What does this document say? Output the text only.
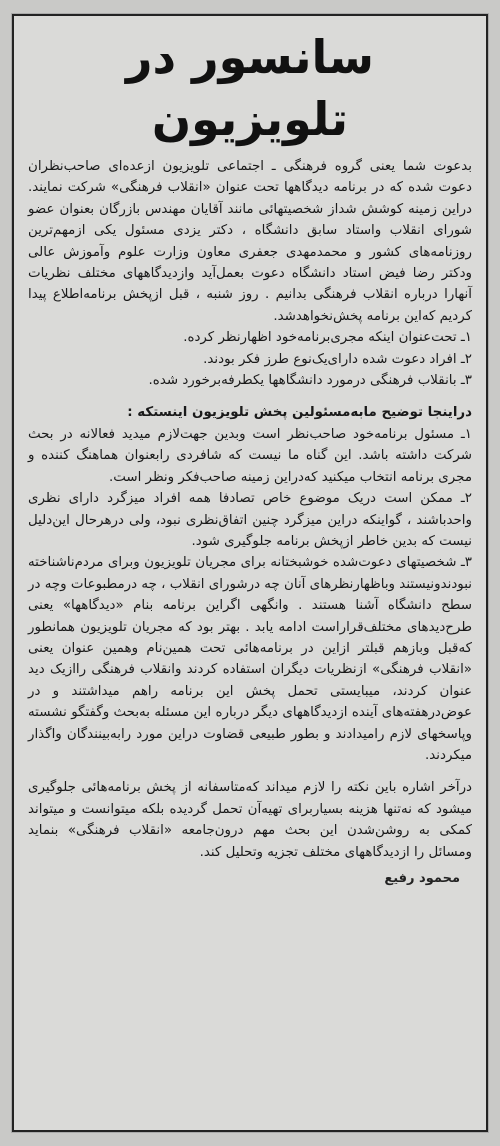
سانسور در تلویزیون

بدعوت شما یعنی گروه فرهنگی ـ اجتماعی تلویزیون ازعده‌ای صاحب‌نظران دعوت شده که در برنامه دیدگاهها تحت عنوان «انقلاب فرهنگی» شرکت نمایند. دراین زمینه کوشش شداز شخصیتهائی مانند آقایان مهندس بازرگان بعنوان عضو شورای انقلاب واستاد سابق دانشگاه ، دکتر یزدی مسئول یکی ازمهم‌ترین روزنامه‌های کشور و محمدمهدی جعفری معاون وزارت علوم وآموزش عالی ودکتر رضا فیض استاد دانشگاه دعوت بعمل‌آید وازدیدگاههای مختلف نظریات آنهارا درباره انقلاب فرهنگی بدانیم . روز شنبه ، قبل ازپخش برنامه‌اطلاع پیدا کردیم که‌این برنامه پخش‌نخواهدشد.

۱ـ تحت‌عنوان اینکه مجری‌برنامه‌خود اظهارنظر کرده.

۲ـ افراد دعوت شده دارای‌یک‌نوع طرز فکر بودند.

۳ـ بانقلاب فرهنگی درمورد دانشگاهها یکطرفه‌برخورد شده.

دراینجا توضیح مابه‌مسئولین پخش تلویزیون اینستکه :

۱ـ مسئول برنامه‌خود صاحب‌نظر است وبدین جهت‌لازم میدید فعالانه در بحث شرکت داشته باشد. این گناه ما نیست که شافردی رابعنوان هماهنگ کننده و مجری برنامه انتخاب میکنید که‌دراین زمینه صاحب‌فکر ونظر است.

۲ـ ممکن است دریک موضوع خاص تصادفا همه افراد میزگرد دارای نظری واحدباشند ، گواینکه دراین میزگرد چنین اتفاق‌نظری نبود، ولی درهرحال این‌دلیل نیست که بدین خاطر ازپخش برنامه جلوگیری شود.

۳ـ شخصیتهای دعوت‌شده خوشبختانه برای مجریان تلویزیون وبرای مردم‌ناشناخته نبودندونیستند وباظهارنظرهای آنان چه درشورای انقلاب ، چه درمطبوعات وچه در سطح دانشگاه آشنا هستند . وانگهی اگراین برنامه بنام «دیدگاهها» یعنی طرح‌دیدهای مختلف‌قراراست ادامه یابد . بهتر بود که مجریان تلویزیون همانطور که‌قبل وبازهم قبلتر ازاین در برنامه‌هائی تحت همین‌نام وهمین عنوان یعنی «انقلاب فرهنگی» ازنظریات دیگران استفاده کردند وانقلاب فرهنگی رااز‌یک دید عنوان کردند، میبایستی تحمل پخش این برنامه راهم میداشتند و در عوض‌درهفته‌های آینده ازدیدگاههای دیگر درباره این مسئله به‌بحث وگفتگو نشسته وپاسخهای لازم رامیدادند و بطور طبیعی قضاوت دراین مورد رابه‌بینندگان واگذار میکردند.

درآخر اشاره باین نکته را لازم میداند که‌متاسفانه از پخش برنامه‌هائی جلوگیری میشود که نه‌تنها هزینه بسیاربرای تهیه‌آن تحمل گردیده بلکه میتوانست و میتواند کمکی به روشن‌شدن این بحث مهم درون‌جامعه «انقلاب فرهنگی» بنماید ومسائل را ازدیدگاههای مختلف تجزیه وتحلیل کند.

محمود رفیع
